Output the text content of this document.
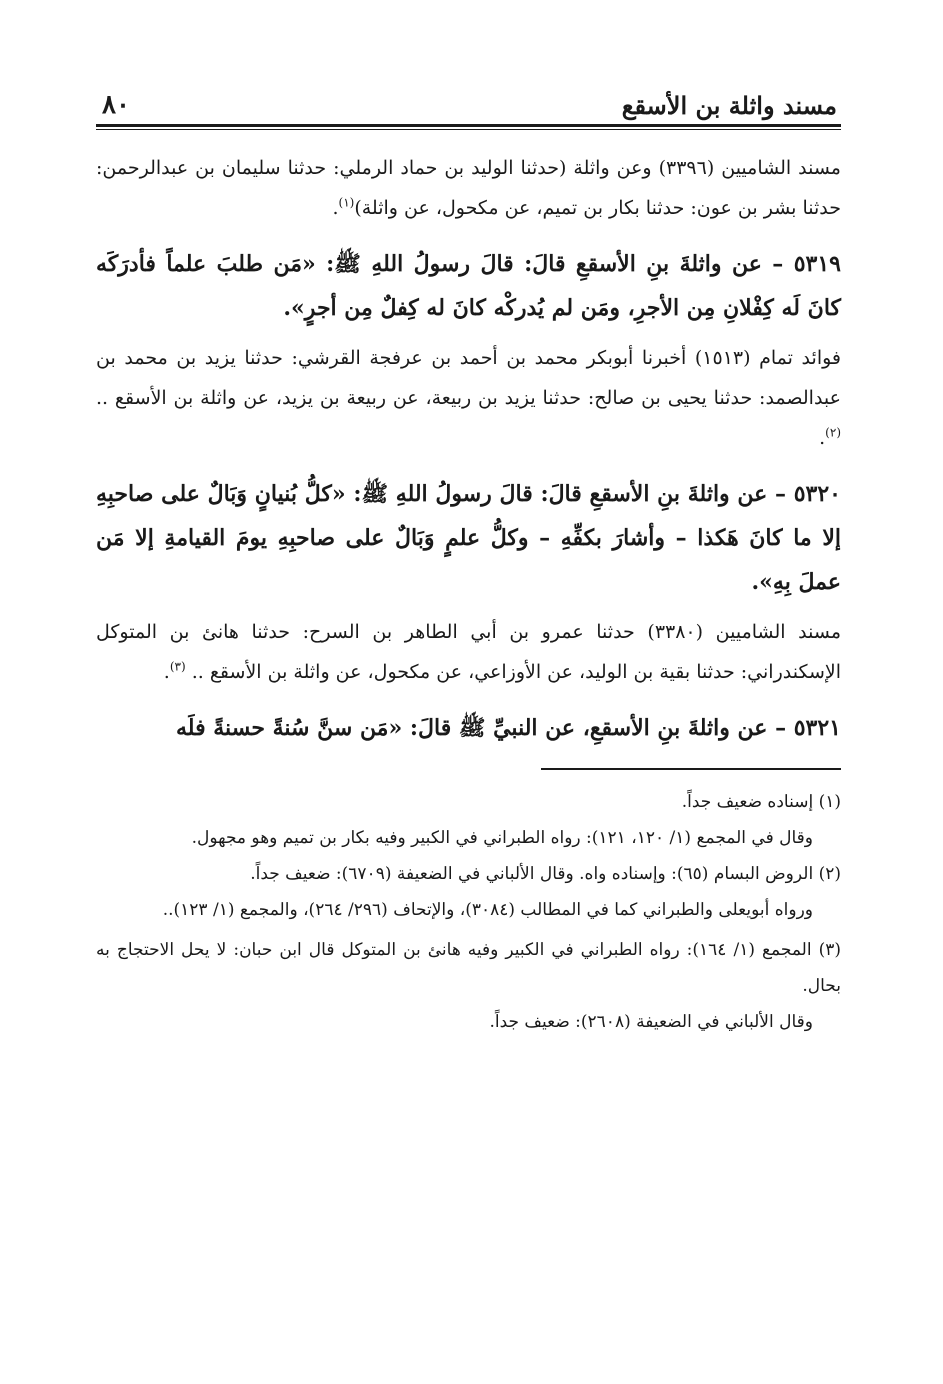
مسند واثلة بن الأسقع
٨٠

مسند الشاميين (٣٣٩٦) وعن واثلة (حدثنا الوليد بن حماد الرملي: حدثنا سليمان بن عبدالرحمن: حدثنا بشر بن عون: حدثنا بكار بن تميم، عن مكحول، عن واثلة)$^{(١)}$.

٥٣١٩ – عن واثلةَ بنِ الأسقعِ قالَ: قالَ رسولُ اللهِ ﷺ: «مَن طلبَ علماً فأدرَكَه كانَ لَه كِفْلانِ مِن الأجرِ، ومَن لم يُدركْه كانَ له كِفلٌ مِن أجرٍ».

فوائد تمام (١٥١٣) أخبرنا أبوبكر محمد بن أحمد بن عرفجة القرشي: حدثنا يزيد بن محمد بن عبدالصمد: حدثنا يحيى بن صالح: حدثنا يزيد بن ربيعة، عن ربيعة بن يزيد، عن واثلة بن الأسقع .. $^{(٢)}$.

٥٣٢٠ – عن واثلةَ بنِ الأسقعِ قالَ: قالَ رسولُ اللهِ ﷺ: «كلُّ بُنيانٍ وَبَالٌ على صاحبِهِ إلا ما كانَ هَكذا – وأشارَ بكفِّهِ – وكلُّ علمٍ وَبَالٌ على صاحبِهِ يومَ القيامةِ إلا مَن عملَ بِهِ».

مسند الشاميين (٣٣٨٠) حدثنا عمرو بن أبي الطاهر بن السرح: حدثنا هانئ بن المتوكل الإسكندراني: حدثنا بقية بن الوليد، عن الأوزاعي، عن مكحول، عن واثلة بن الأسقع .. $^{(٣)}$.

٥٣٢١ – عن واثلةَ بنِ الأسقعِ، عن النبيِّ ﷺ قالَ: «مَن سنَّ سُنةً حسنةً فلَه

(١) إسناده ضعيف جداً.

وقال في المجمع (١/ ١٢٠، ١٢١): رواه الطبراني في الكبير وفيه بكار بن تميم وهو مجهول.

(٢) الروض البسام (٦٥): وإسناده واه. وقال الألباني في الضعيفة (٦٧٠٩): ضعيف جداً.

ورواه أبويعلى والطبراني كما في المطالب (٣٠٨٤)، والإتحاف (٢٩٦/ ٢٦٤)، والمجمع (١/ ١٢٣)..

(٣) المجمع (١/ ١٦٤): رواه الطبراني في الكبير وفيه هانئ بن المتوكل قال ابن حبان: لا يحل الاحتجاج به بحال.

وقال الألباني في الضعيفة (٢٦٠٨): ضعيف جداً.
